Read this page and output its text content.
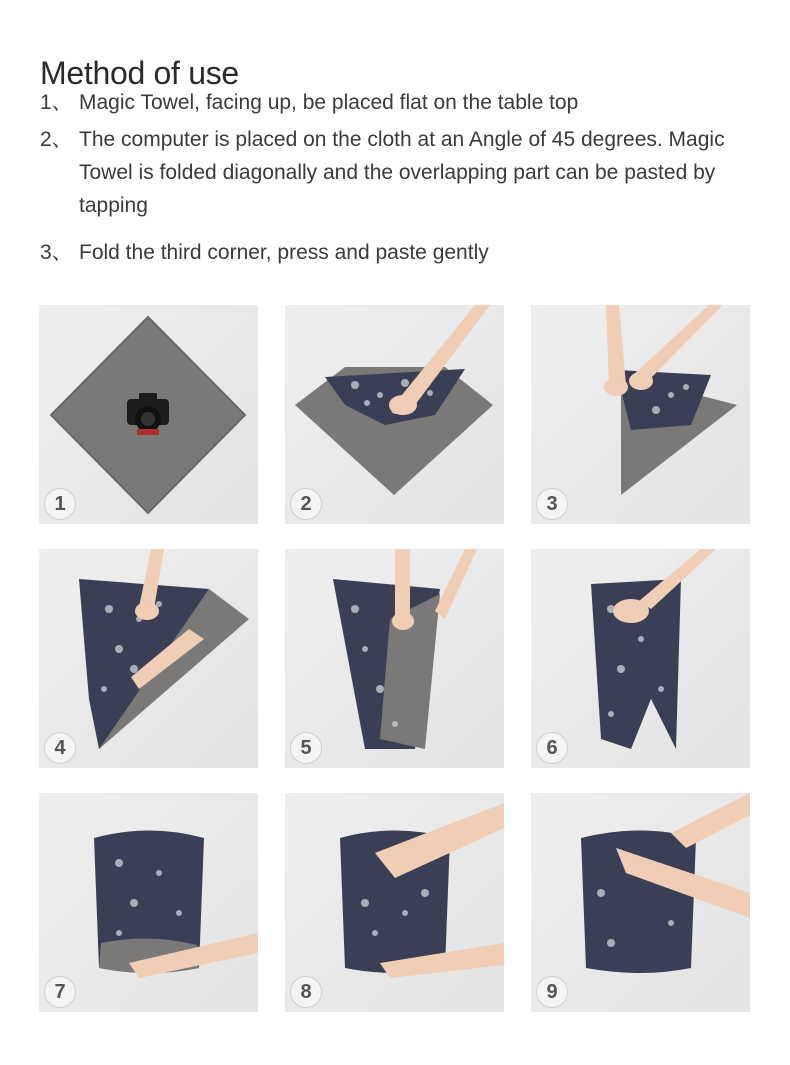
Method of use
1、 Magic Towel, facing up, be placed flat on the table top
2、 The computer is placed on the cloth at an Angle of 45 degrees. Magic Towel is folded diagonally and the overlapping part can be pasted by tapping
3、 Fold the third corner, press and paste gently
1	2	3
4	5	6
7	8	9
